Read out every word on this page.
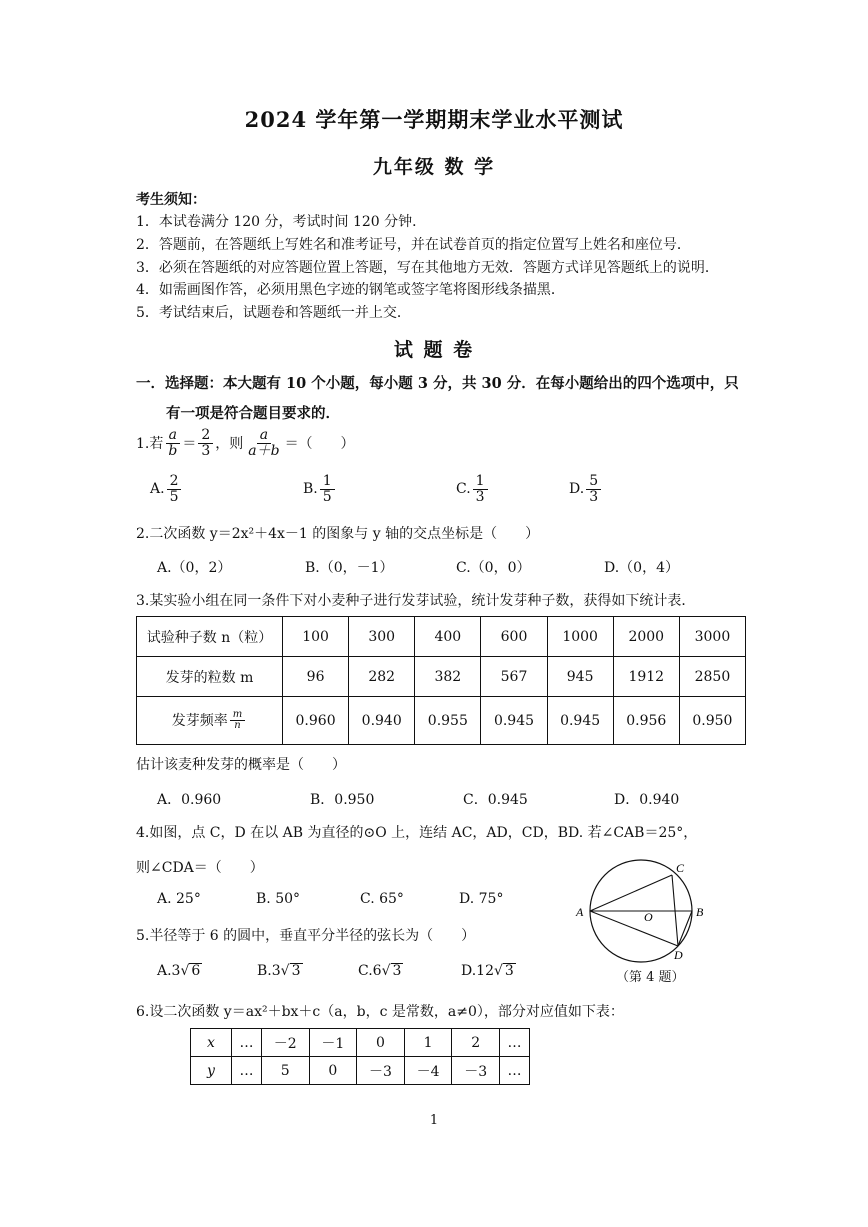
2024 学年第一学期期末学业水平测试
九年级 数 学
考生须知：
1．本试卷满分 120 分，考试时间 120 分钟．
2．答题前，在答题纸上写姓名和准考证号，并在试卷首页的指定位置写上姓名和座位号．
3．必须在答题纸的对应答题位置上答题，写在其他地方无效．答题方式详见答题纸上的说明．
4．如需画图作答，必须用黑色字迹的钢笔或签字笔将图形线条描黑．
5．考试结束后，试题卷和答题纸一并上交．
试 题 卷
一．选择题：本大题有 10 个小题，每小题 3 分，共 30 分．在每小题给出的四个选项中，只
有一项是符合题目要求的．
1.若 $\frac{a}{b} = \frac{2}{3}$ ，则 $\frac{a}{a+b}$ ＝（　　）
A. $\frac{2}{5}$	B. $\frac{1}{5}$	C. $\frac{1}{3}$	D. $\frac{5}{3}$
2.二次函数 y＝2x²＋4x－1 的图象与 y 轴的交点坐标是（　　）
A.（0，2）	B.（0，－1）	C.（0，0）	D.（0，4）
3.某实验小组在同一条件下对小麦种子进行发芽试验，统计发芽种子数，获得如下统计表．
试验种子数 n（粒）	100	300	400	600	1000	2000	3000
发芽的粒数 m	96	282	382	567	945	1912	2850
发芽频率 $\frac{m}{n}$	0.960	0.940	0.955	0.945	0.945	0.956	0.950
估计该麦种发芽的概率是（　　）
A．0.960	B．0.950	C．0.945	D．0.940
4.如图，点 C，D 在以 AB 为直径的⊙O 上，连结 AC，AD，CD，BD. 若∠CAB＝25°，
则∠CDA＝（　　）
A. 25°	B. 50°	C. 65°	D. 75°
A	B
C
D
O
（第 4 题）
5.半径等于 6 的圆中，垂直平分半径的弦长为（　　）
A.3√ 6	B.3√ 3	C.6√ 3	D.12√ 3
6.设二次函数 y＝ax²＋bx＋c（a，b，c 是常数，a≠0），部分对应值如下表：
x	…	－2	－1	0	1	2	…
y	…	5	0	－3	－4	－3	…
1
